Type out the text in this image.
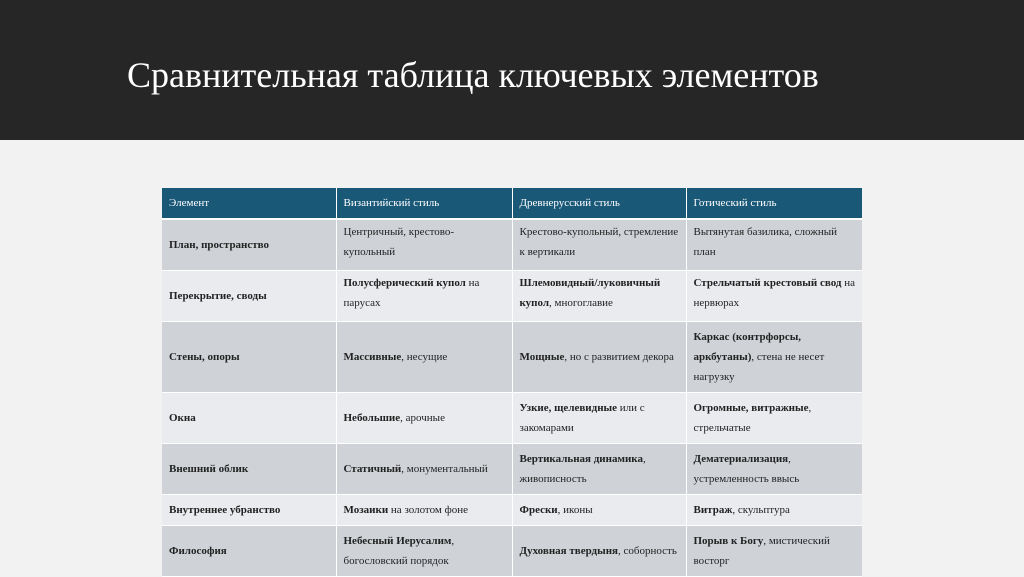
Сравнительная таблица ключевых элементов
Элемент	Византийский стиль	Древнерусский стиль	Готический стиль
План, пространство	Центричный, крестово-купольный	Крестово-купольный, стремление к вертикали	Вытянутая базилика, сложный план
Перекрытие, своды	Полусферический купол на парусах	Шлемовидный/луковичный купол, многоглавие	Стрельчатый крестовый свод на нервюрах
Стены, опоры	Массивные, несущие	Мощные, но с развитием декора	Каркас (контрфорсы, аркбутаны), стена не несет нагрузку
Окна	Небольшие, арочные	Узкие, щелевидные или с закомарами	Огромные, витражные, стрельчатые
Внешний облик	Статичный, монументальный	Вертикальная динамика, живописность	Дематериализация, устремленность ввысь
Внутреннее убранство	Мозаики на золотом фоне	Фрески, иконы	Витраж, скульптура
Философия	Небесный Иерусалим, богословский порядок	Духовная твердыня, соборность	Порыв к Богу, мистический восторг
